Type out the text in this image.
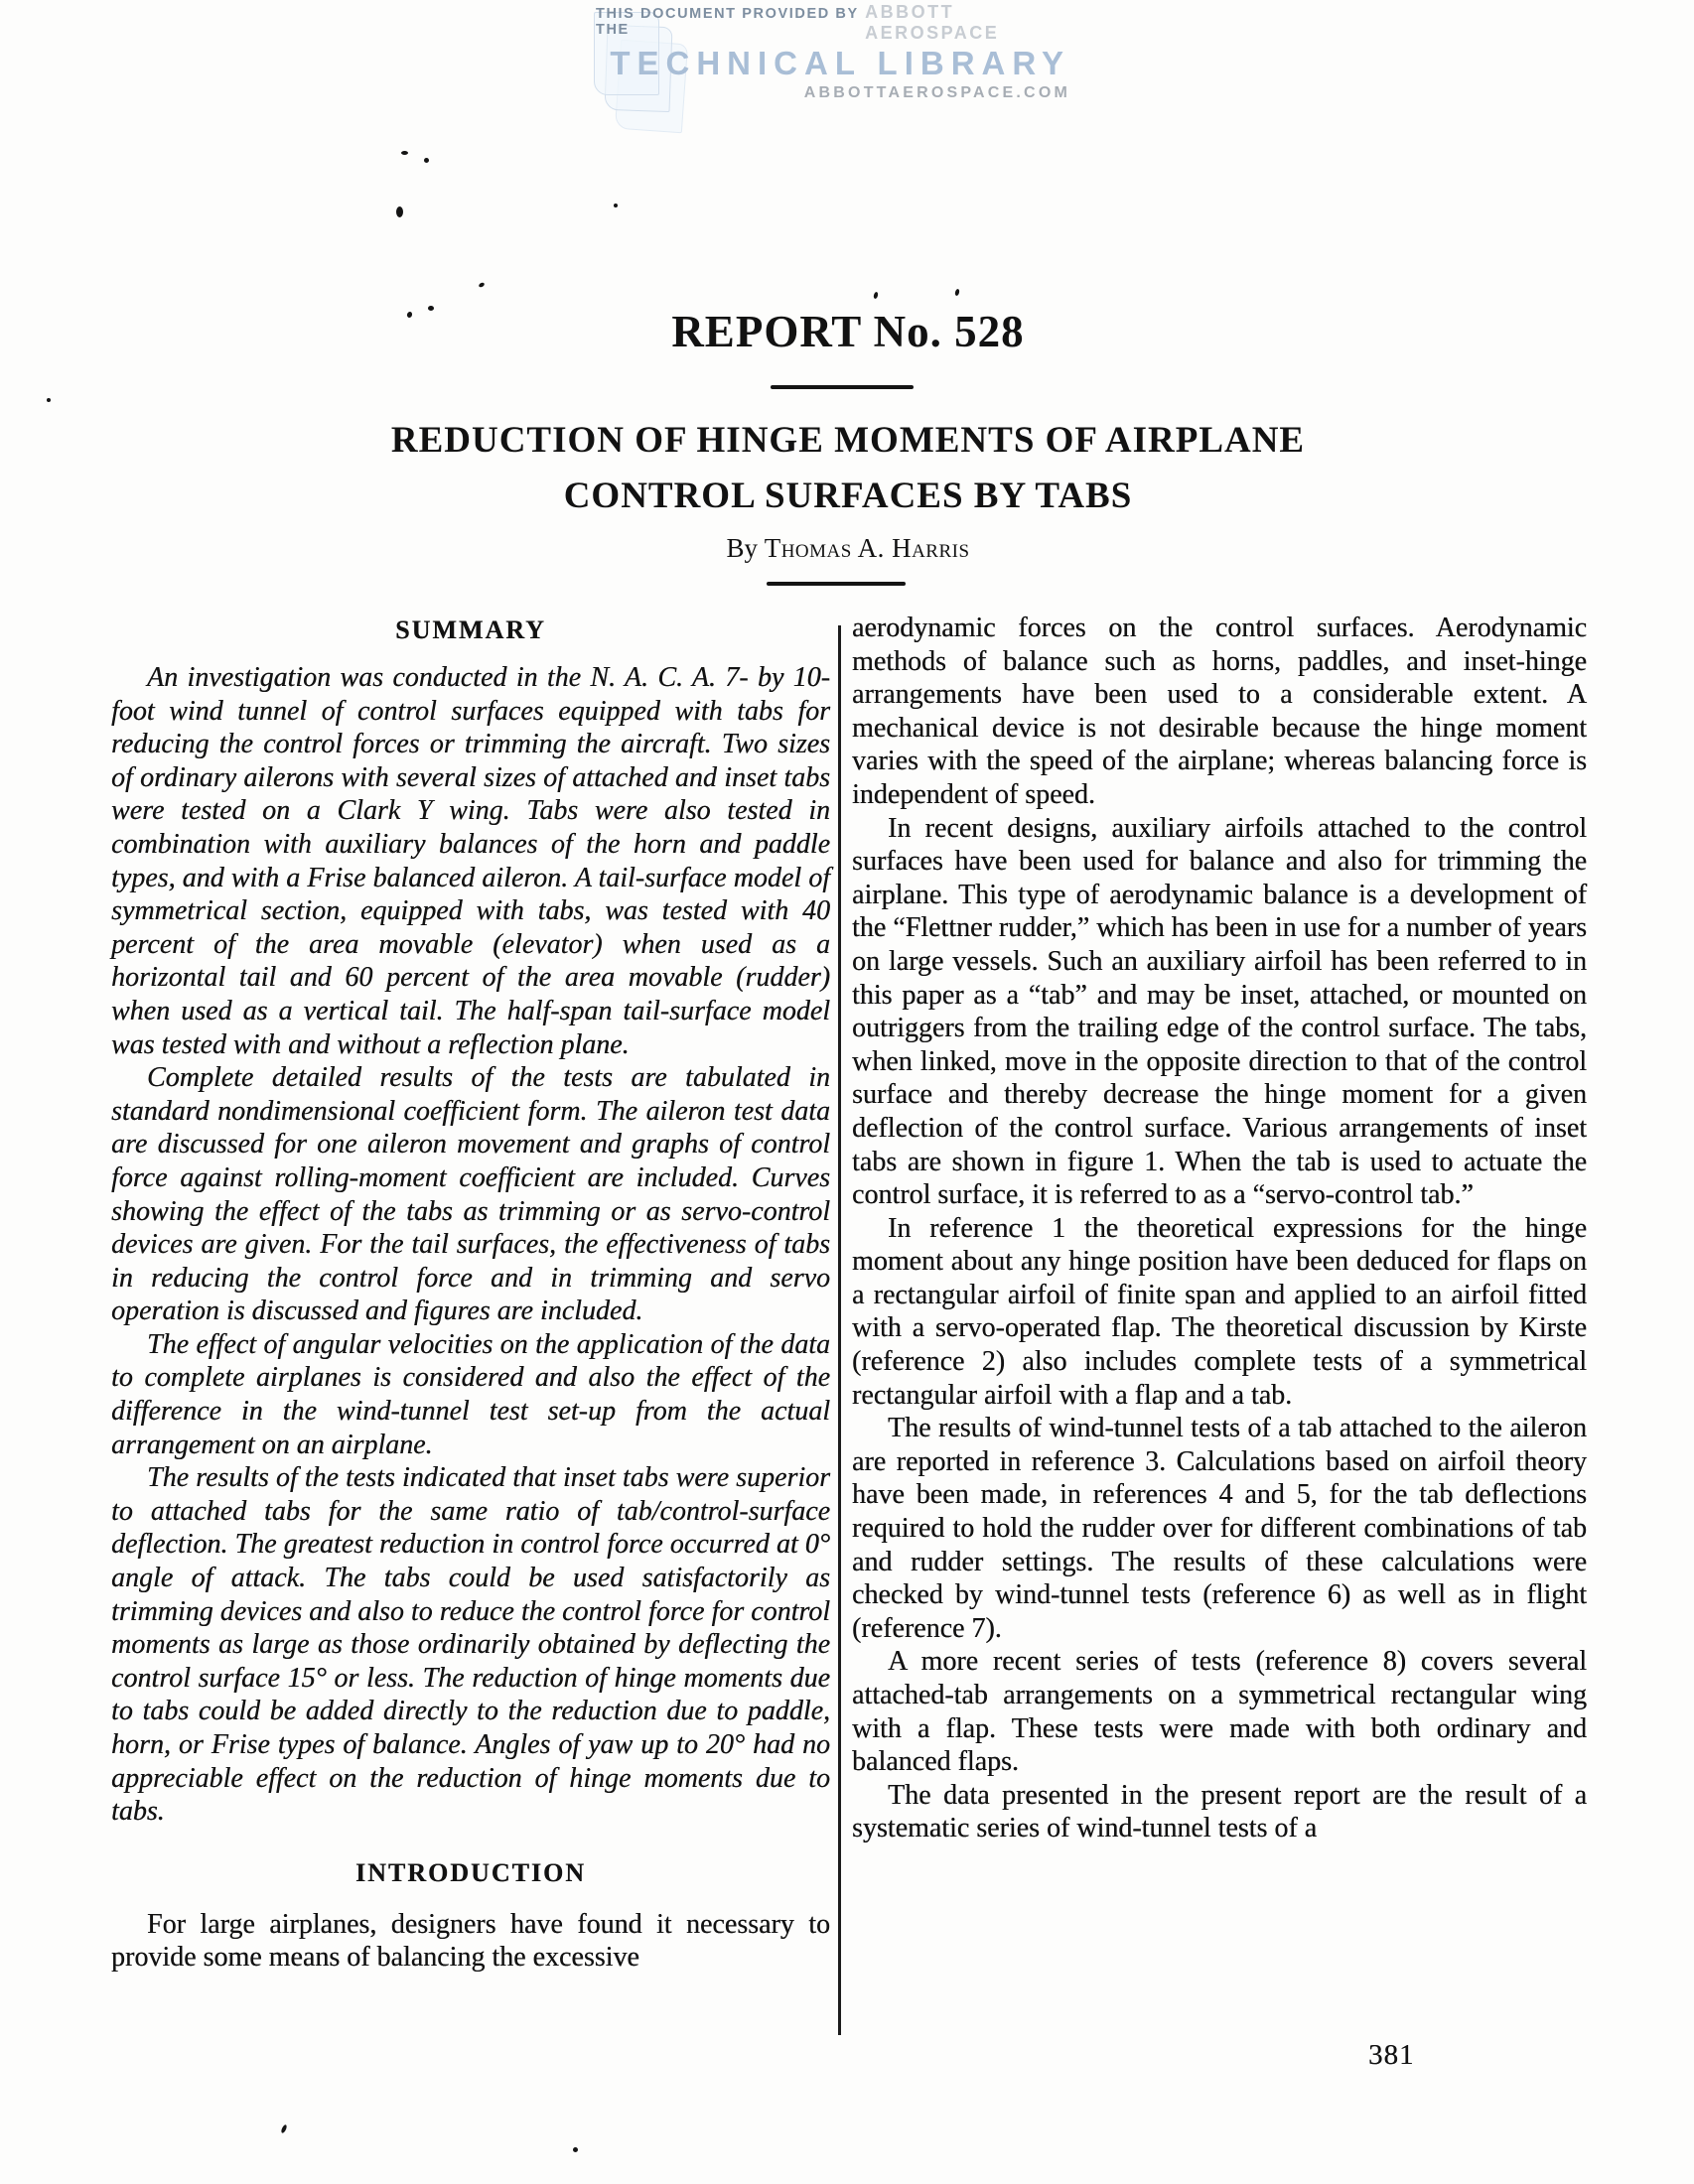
THIS DOCUMENT PROVIDED BY THE
ABBOTT AEROSPACE
TECHNICAL LIBRARY
ABBOTTAEROSPACE.COM
REPORT No. 528
REDUCTION OF HINGE MOMENTS OF AIRPLANE
CONTROL SURFACES BY TABS
By Thomas A. Harris
SUMMARY

An investigation was conducted in the N. A. C. A. 7- by 10-foot wind tunnel of control surfaces equipped with tabs for reducing the control forces or trimming the aircraft. Two sizes of ordinary ailerons with several sizes of attached and inset tabs were tested on a Clark Y wing. Tabs were also tested in combination with auxiliary balances of the horn and paddle types, and with a Frise balanced aileron. A tail-surface model of symmetrical section, equipped with tabs, was tested with 40 percent of the area movable (elevator) when used as a horizontal tail and 60 percent of the area movable (rudder) when used as a vertical tail. The half-span tail-surface model was tested with and without a reflection plane.

Complete detailed results of the tests are tabulated in standard nondimensional coefficient form. The aileron test data are discussed for one aileron movement and graphs of control force against rolling-moment coefficient are included. Curves showing the effect of the tabs as trimming or as servo-control devices are given. For the tail surfaces, the effectiveness of tabs in reducing the control force and in trimming and servo operation is discussed and figures are included.

The effect of angular velocities on the application of the data to complete airplanes is considered and also the effect of the difference in the wind-tunnel test set-up from the actual arrangement on an airplane.

The results of the tests indicated that inset tabs were superior to attached tabs for the same ratio of tab/control-surface deflection. The greatest reduction in control force occurred at 0° angle of attack. The tabs could be used satisfactorily as trimming devices and also to reduce the control force for control moments as large as those ordinarily obtained by deflecting the control surface 15° or less. The reduction of hinge moments due to tabs could be added directly to the reduction due to paddle, horn, or Frise types of balance. Angles of yaw up to 20° had no appreciable effect on the reduction of hinge moments due to tabs.

INTRODUCTION

For large airplanes, designers have found it necessary to provide some means of balancing the excessive

aerodynamic forces on the control surfaces. Aerodynamic methods of balance such as horns, paddles, and inset-hinge arrangements have been used to a considerable extent. A mechanical device is not desirable because the hinge moment varies with the speed of the airplane; whereas balancing force is independent of speed.

In recent designs, auxiliary airfoils attached to the control surfaces have been used for balance and also for trimming the airplane. This type of aerodynamic balance is a development of the “Flettner rudder,” which has been in use for a number of years on large vessels. Such an auxiliary airfoil has been referred to in this paper as a “tab” and may be inset, attached, or mounted on outriggers from the trailing edge of the control surface. The tabs, when linked, move in the opposite direction to that of the control surface and thereby decrease the hinge moment for a given deflection of the control surface. Various arrangements of inset tabs are shown in figure 1. When the tab is used to actuate the control surface, it is referred to as a “servo-control tab.”

In reference 1 the theoretical expressions for the hinge moment about any hinge position have been deduced for flaps on a rectangular airfoil of finite span and applied to an airfoil fitted with a servo-operated flap. The theoretical discussion by Kirste (reference 2) also includes complete tests of a symmetrical rectangular airfoil with a flap and a tab.

The results of wind-tunnel tests of a tab attached to the aileron are reported in reference 3. Calculations based on airfoil theory have been made, in references 4 and 5, for the tab deflections required to hold the rudder over for different combinations of tab and rudder settings. The results of these calculations were checked by wind-tunnel tests (reference 6) as well as in flight (reference 7).

A more recent series of tests (reference 8) covers several attached-tab arrangements on a symmetrical rectangular wing with a flap. These tests were made with both ordinary and balanced flaps.

The data presented in the present report are the result of a systematic series of wind-tunnel tests of a

381
